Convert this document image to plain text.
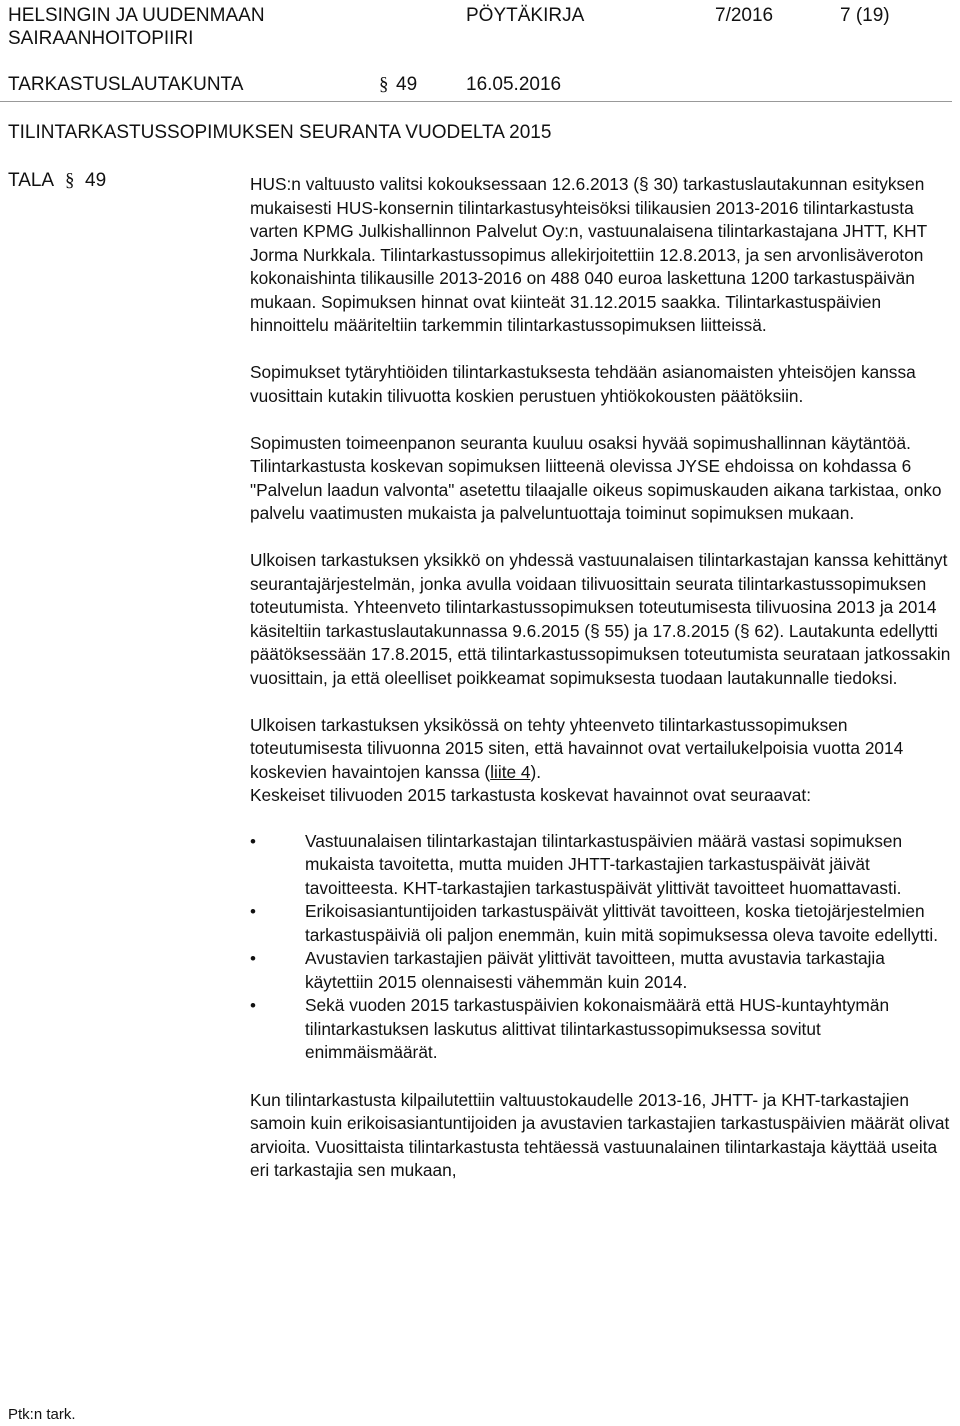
HELSINGIN JA UUDENMAAN
SAIRAANHOITOPIIRI
PÖYTÄKIRJA	7/2016	7 (19)
TARKASTUSLAUTAKUNTA	§ 49	16.05.2016
TILINTARKASTUSSOPIMUKSEN SEURANTA VUODELTA 2015
TALA § 49	HUS:n valtuusto valitsi kokouksessaan 12.6.2013 (§ 30) tarkastuslautakunnan esityksen mukaisesti HUS-konsernin tilintarkastusyhteisöksi tilikausien 2013-2016 tilintarkastusta varten KPMG Julkishallinnon Palvelut Oy:n, vastuunalaisena tilintarkastajana JHTT, KHT Jorma Nurkkala. Tilintarkastussopimus allekirjoitettiin 12.8.2013, ja sen arvonlisäveroton kokonaishinta tilikausille 2013-2016 on 488 040 euroa laskettuna 1200 tarkastuspäivän mukaan. Sopimuksen hinnat ovat kiinteät 31.12.2015 saakka. Tilintarkastuspäivien hinnoittelu määriteltiin tarkemmin tilintarkastussopimuksen liitteissä.

Sopimukset tytäryhtiöiden tilintarkastuksesta tehdään asianomaisten yhteisöjen kanssa vuosittain kutakin tilivuotta koskien perustuen yhtiökokousten päätöksiin.

Sopimusten toimeenpanon seuranta kuuluu osaksi hyvää sopimushallinnan käytäntöä. Tilintarkastusta koskevan sopimuksen liitteenä olevissa JYSE ehdoissa on kohdassa 6 "Palvelun laadun valvonta" asetettu tilaajalle oikeus sopimuskauden aikana tarkistaa, onko palvelu vaatimusten mukaista ja palveluntuottaja toiminut sopimuksen mukaan.

Ulkoisen tarkastuksen yksikkö on yhdessä vastuunalaisen tilintarkastajan kanssa kehittänyt seurantajärjestelmän, jonka avulla voidaan tilivuosittain seurata tilintarkastussopimuksen toteutumista. Yhteenveto tilintarkastussopimuksen toteutumisesta tilivuosina 2013 ja 2014 käsiteltiin tarkastuslautakunnassa 9.6.2015 (§ 55) ja 17.8.2015 (§ 62). Lautakunta edellytti päätöksessään 17.8.2015, että tilintarkastussopimuksen toteutumista seurataan jatkossakin vuosittain, ja että oleelliset poikkeamat sopimuksesta tuodaan lautakunnalle tiedoksi.

Ulkoisen tarkastuksen yksikössä on tehty yhteenveto tilintarkastussopimuksen toteutumisesta tilivuonna 2015 siten, että havainnot ovat vertailukelpoisia vuotta 2014 koskevien havaintojen kanssa (liite 4).
Keskeiset tilivuoden 2015 tarkastusta koskevat havainnot ovat seuraavat:

•	Vastuunalaisen tilintarkastajan tilintarkastuspäivien määrä vastasi sopimuksen mukaista tavoitetta, mutta muiden JHTT-tarkastajien tarkastuspäivät jäivät tavoitteesta. KHT-tarkastajien tarkastuspäivät ylittivät tavoitteet huomattavasti.
•	Erikoisasiantuntijoiden tarkastuspäivät ylittivät tavoitteen, koska tietojärjestelmien tarkastuspäiviä oli paljon enemmän, kuin mitä sopimuksessa oleva tavoite edellytti.
•	Avustavien tarkastajien päivät ylittivät tavoitteen, mutta avustavia tarkastajia käytettiin 2015 olennaisesti vähemmän kuin 2014.
•	Sekä vuoden 2015 tarkastuspäivien kokonaismäärä että HUS-kuntayhtymän tilintarkastuksen laskutus alittivat tilintarkastussopimuksessa sovitut enimmäismäärät.

Kun tilintarkastusta kilpailutettiin valtuustokaudelle 2013-16, JHTT- ja KHT-tarkastajien samoin kuin erikoisasiantuntijoiden ja avustavien tarkastajien tarkastuspäivien määrät olivat arvioita. Vuosittaista tilintarkastusta tehtäessä vastuunalainen tilintarkastaja käyttää useita eri tarkastajia sen mukaan,

Ptk:n tark.
